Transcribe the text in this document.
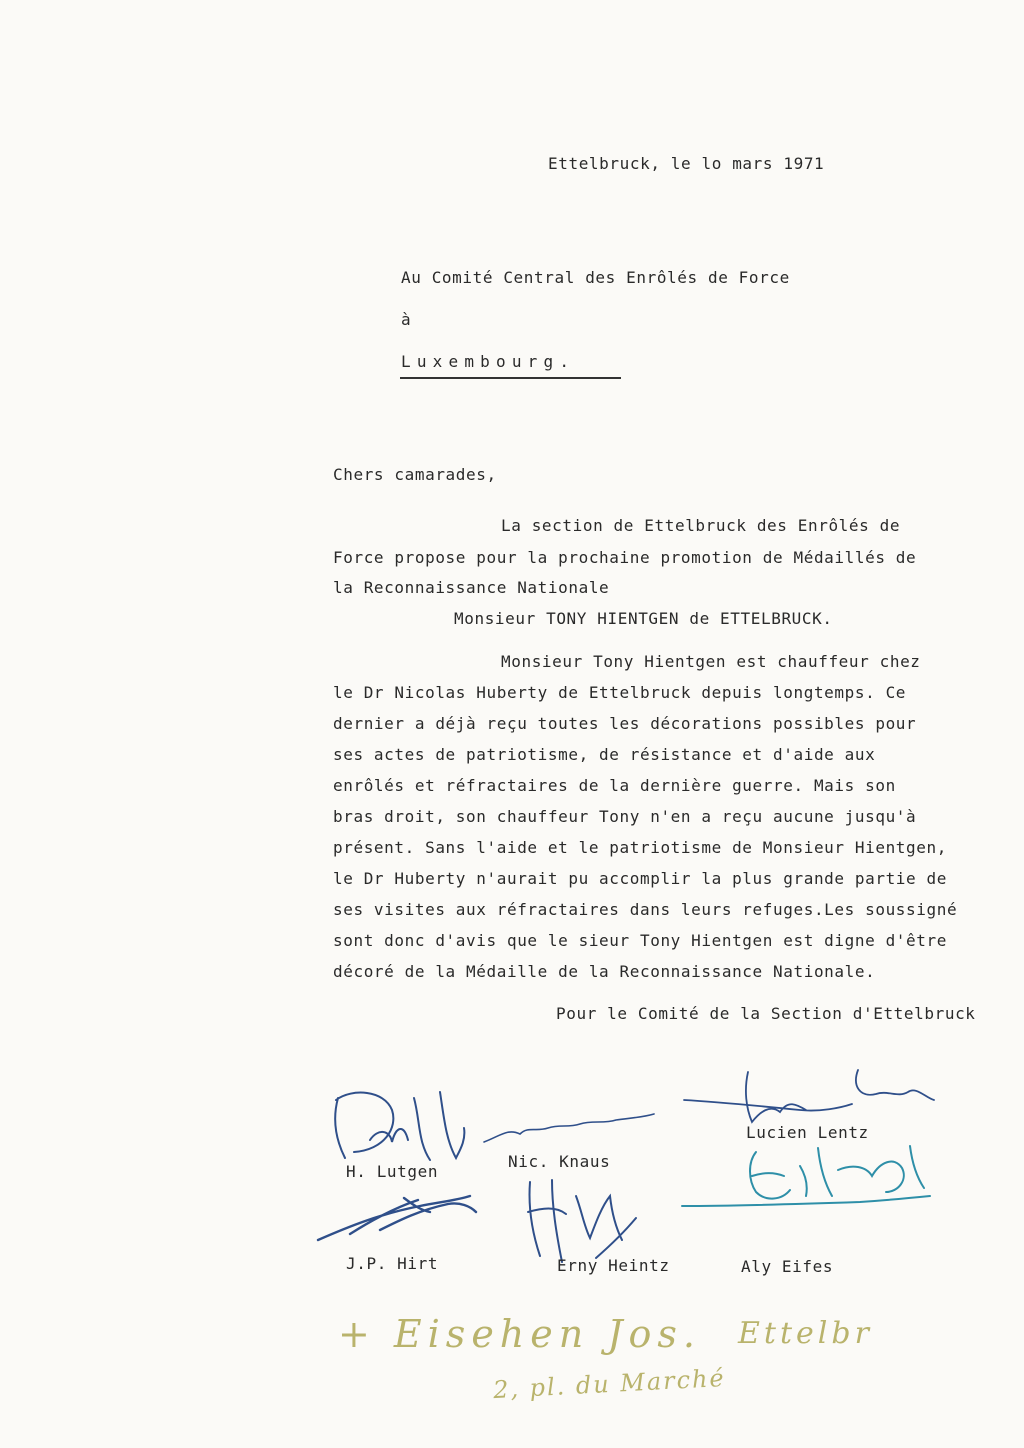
Ettelbruck, le lo mars 1971
Au Comité Central des Enrôlés de Force
à
Luxembourg.
Chers camarades,
La section de Ettelbruck des Enrôlés de
Force propose pour la prochaine promotion de Médaillés de
la Reconnaissance Nationale
Monsieur TONY HIENTGEN de ETTELBRUCK.
Monsieur Tony Hientgen est chauffeur chez
le Dr Nicolas Huberty de Ettelbruck depuis longtemps. Ce
dernier a déjà reçu toutes les décorations possibles pour
ses actes de patriotisme, de résistance et d'aide aux
enrôlés et réfractaires de la dernière guerre. Mais son
bras droit, son chauffeur Tony n'en a reçu aucune jusqu'à
présent. Sans l'aide et le patriotisme de Monsieur Hientgen,
le Dr Huberty n'aurait pu accomplir la plus grande partie de
ses visites aux réfractaires dans leurs refuges.Les soussigné
sont donc d'avis que le sieur Tony Hientgen est digne d'être
décoré de la Médaille de la Reconnaissance Nationale.
Pour le Comité de la Section d'Ettelbruck
H. Lutgen
Nic. Knaus
Lucien Lentz
J.P. Hirt	Erny Heintz	Aly Eifes
+ Eisehen Jos. Ettelbr
2, pl. du Marché
